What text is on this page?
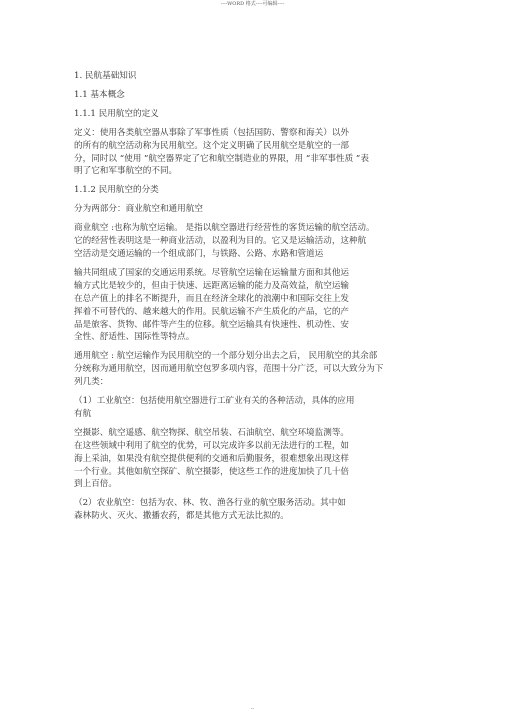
----WORD 格式----可编辑----
1. 民航基础知识
1.1 基本概念
1.1.1 民用航空的定义
定义：使用各类航空器从事除了军事性质（包括国防、警察和海关）以外
的所有的航空活动称为民用航空。这个定义明确了民用航空是航空的一部
分，同时以 “使用 ”航空器界定了它和航空制造业的界限，用 “非军事性质 ”表
明了它和军事航空的不同。
1.1.2 民用航空的分类
分为两部分：商业航空和通用航空
商业航空 :也称为航空运输。 是指以航空器进行经营性的客货运输的航空活动。
它的经营性表明这是一种商业活动，以盈利为目的。它又是运输活动，这种航
空活动是交通运输的一个组成部门，与铁路、公路、水路和管道运
输共同组成了国家的交通运用系统。尽管航空运输在运输量方面和其他运
输方式比是较少的，但由于快速、远距离运输的能力及高效益，航空运输
在总产值上的排名不断提升，而且在经济全球化的浪潮中和国际交往上发
挥着不可替代的、越来越大的作用。民航运输不产生质化的产品，它的产
品是旅客、货物、邮件等产生的位移。航空运输具有快速性、机动性、安
全性、舒适性、国际性等特点。
通用航空 : 航空运输作为民用航空的一个部分划分出去之后， 民用航空的其余部
分统称为通用航空，因而通用航空包罗多项内容，范围十分广泛，可以大致分为下
列几类：
（1）工业航空：包括使用航空器进行工矿业有关的各种活动，具体的应用
有航
空摄影、航空遥感、航空物探、航空吊装、石油航空、航空环境监测等。
在这些领域中利用了航空的优势，可以完成许多以前无法进行的工程，如
海上采油，如果没有航空提供便利的交通和后勤服务，很难想象出现这样
一个行业。其他如航空探矿、航空摄影，使这些工作的进度加快了几十倍
到上百倍。
（2）农业航空：包括为农、林、牧、渔各行业的航空服务活动。其中如
森林防火、灭火、撒播农药，都是其他方式无法比拟的。
--
